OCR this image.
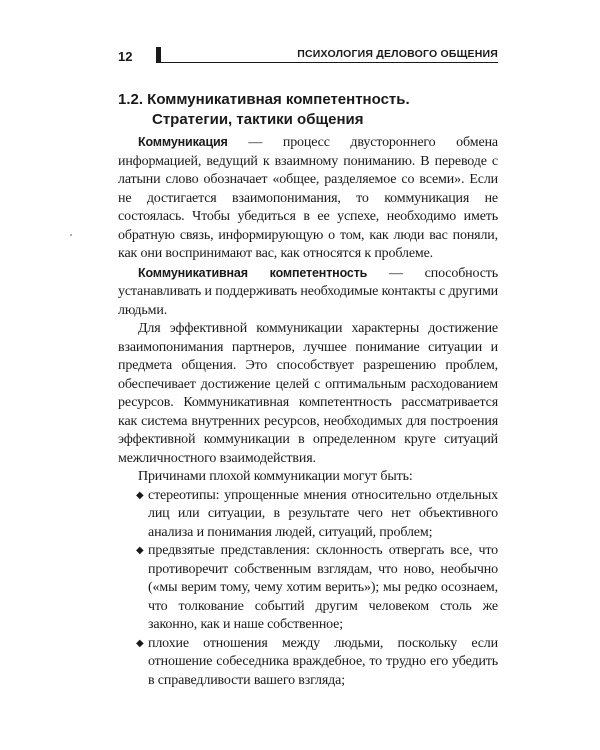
12	ПСИХОЛОГИЯ ДЕЛОВОГО ОБЩЕНИЯ
1.2. Коммуникативная компетентность.
Стратегии, тактики общения

Коммуникация — процесс двустороннего обмена информацией, ведущий к взаимному пониманию. В переводе с латыни слово обозначает «общее, разделяемое со всеми». Если не достигается взаимопонимания, то коммуникация не состоялась. Чтобы убедиться в ее успехе, необходимо иметь обратную связь, информирующую о том, как люди вас поняли, как они воспринимают вас, как относятся к проблеме.

Коммуникативная компетентность — способность устанавливать и поддерживать необходимые контакты с другими людьми.

Для эффективной коммуникации характерны достижение взаимопонимания партнеров, лучшее понимание ситуации и предмета общения. Это способствует разрешению проблем, обеспечивает достижение целей с оптимальным расходованием ресурсов. Коммуникативная компетентность рассматривается как система внутренних ресурсов, необходимых для построения эффективной коммуникации в определенном круге ситуаций межличностного взаимодействия.

Причинами плохой коммуникации могут быть:

◆ стереотипы: упрощенные мнения относительно отдельных лиц или ситуации, в результате чего нет объективного анализа и понимания людей, ситуаций, проблем;
◆ предвзятые представления: склонность отвергать все, что противоречит собственным взглядам, что ново, необычно («мы верим тому, чему хотим верить»); мы редко осознаем, что толкование событий другим человеком столь же законно, как и наше собственное;
◆ плохие отношения между людьми, поскольку если отношение собеседника враждебное, то трудно его убедить в справедливости вашего взгляда;
